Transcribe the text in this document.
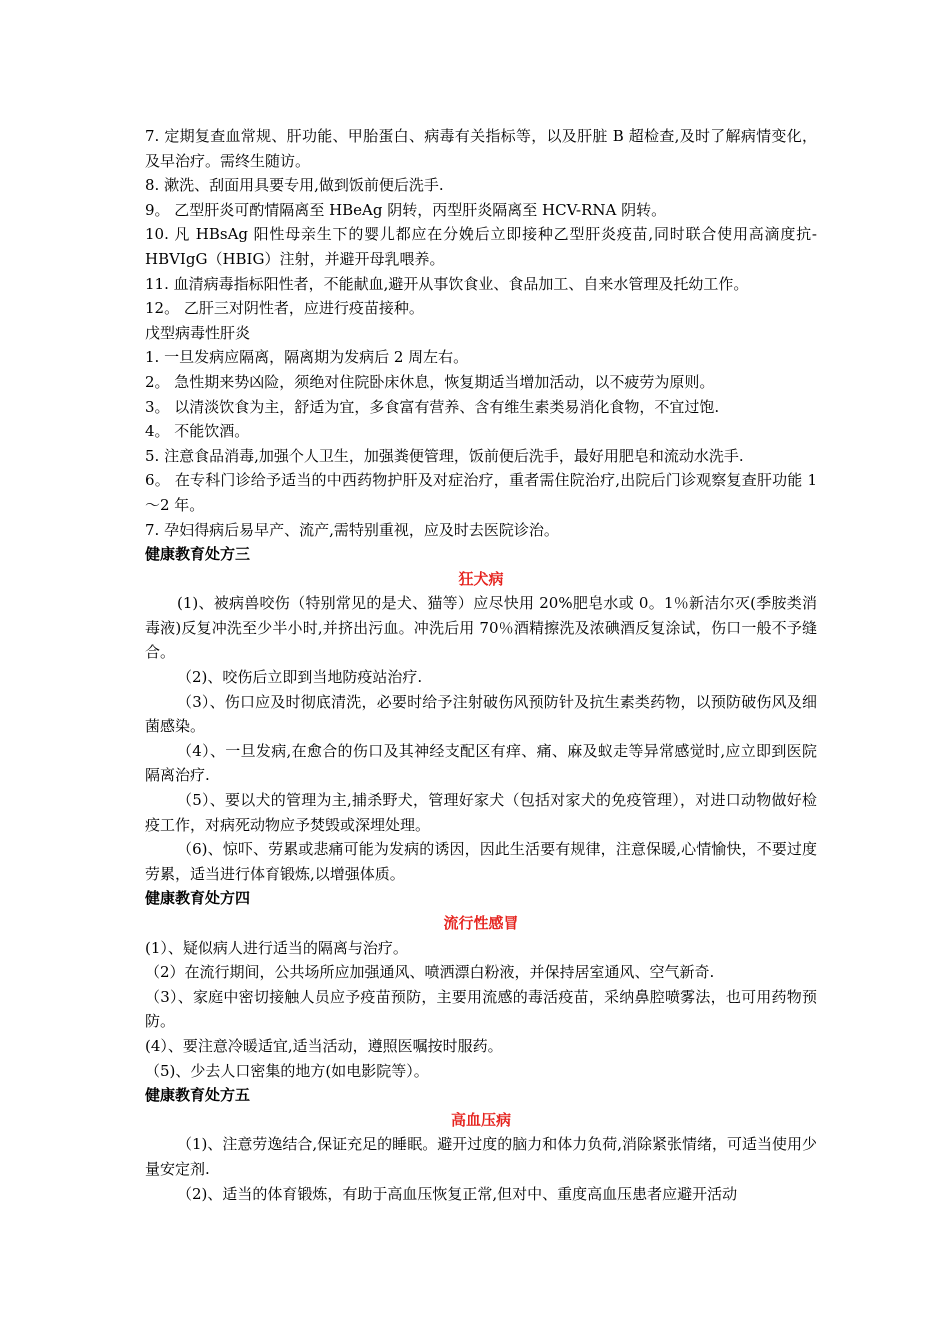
7. 定期复查血常规、肝功能、甲胎蛋白、病毒有关指标等，以及肝脏 B 超检查,及时了解病情变化，及早治疗。需终生随访。

8. 漱洗、刮面用具要专用,做到饭前便后洗手.

9。 乙型肝炎可酌情隔离至 HBeAg 阴转，丙型肝炎隔离至 HCV-RNA 阴转。

10. 凡 HBsAg 阳性母亲生下的婴儿都应在分娩后立即接种乙型肝炎疫苗,同时联合使用高滴度抗-HBVIgG（HBIG）注射，并避开母乳喂养。

11. 血清病毒指标阳性者，不能献血,避开从事饮食业、食品加工、自来水管理及托幼工作。

12。 乙肝三对阴性者，应进行疫苗接种。

戊型病毒性肝炎

1. 一旦发病应隔离，隔离期为发病后 2 周左右。

2。 急性期来势凶险，须绝对住院卧床休息，恢复期适当增加活动，以不疲劳为原则。

3。 以清淡饮食为主，舒适为宜，多食富有营养、含有维生素类易消化食物，不宜过饱.

4。 不能饮酒。

5. 注意食品消毒,加强个人卫生，加强粪便管理，饭前便后洗手，最好用肥皂和流动水洗手.

6。 在专科门诊给予适当的中西药物护肝及对症治疗，重者需住院治疗,出院后门诊观察复查肝功能 1～2 年。

7. 孕妇得病后易早产、流产,需特别重视，应及时去医院诊治。

健康教育处方三

狂犬病

(1)、被病兽咬伤（特别常见的是犬、猫等）应尽快用 20%肥皂水或 0。1％新洁尔灭(季胺类消毒液)反复冲洗至少半小时,并挤出污血。冲洗后用 70％酒精擦洗及浓碘酒反复涂试，伤口一般不予缝合。

（2)、咬伤后立即到当地防疫站治疗.

（3）、伤口应及时彻底清洗，必要时给予注射破伤风预防针及抗生素类药物，以预防破伤风及细菌感染。

（4）、一旦发病,在愈合的伤口及其神经支配区有痒、痛、麻及蚁走等异常感觉时,应立即到医院隔离治疗.

（5）、要以犬的管理为主,捕杀野犬，管理好家犬（包括对家犬的免疫管理），对进口动物做好检疫工作，对病死动物应予焚毁或深埋处理。

（6)、惊吓、劳累或悲痛可能为发病的诱因，因此生活要有规律，注意保暖,心情愉快，不要过度劳累，适当进行体育锻炼,以增强体质。

健康教育处方四

流行性感冒

(1）、疑似病人进行适当的隔离与治疗。

（2）在流行期间，公共场所应加强通风、喷洒漂白粉液，并保持居室通风、空气新奇.

（3）、家庭中密切接触人员应予疫苗预防，主要用流感的毒活疫苗，采纳鼻腔喷雾法，也可用药物预防。

(4）、要注意冷暖适宜,适当活动，遵照医嘱按时服药。

（5)、少去人口密集的地方(如电影院等）。

健康教育处方五

高血压病

（1)、注意劳逸结合,保证充足的睡眠。避开过度的脑力和体力负荷,消除紧张情绪，可适当使用少量安定剂.

（2)、适当的体育锻炼，有助于高血压恢复正常,但对中、重度高血压患者应避开活动
